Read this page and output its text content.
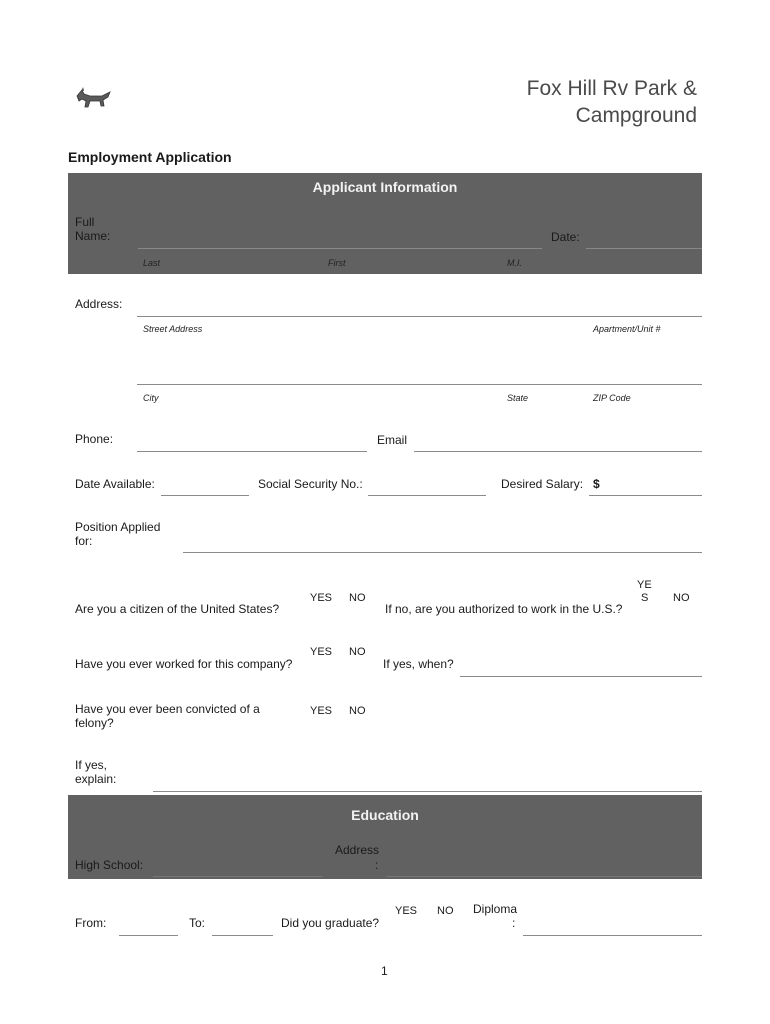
Fox Hill Rv Park &
Campground
Employment Application
Applicant Information
Full Name:	Date:
Last	First	M.I.
Address:
Street Address	Apartment/Unit #
City	State	ZIP Code
Phone:	Email
Date Available:	Social Security No.:	Desired Salary: $
Position Applied for:
Are you a citizen of the United States?
YES NO
If no, are you authorized to work in the U.S.?
YE
S NO
Have you ever worked for this company?
YES NO
If yes, when?
Have you ever been convicted of a felony?
YES NO
If yes, explain:
Education
High School:
Address
:
From:	To:	Did you graduate?
YES NO Diploma
:
1
